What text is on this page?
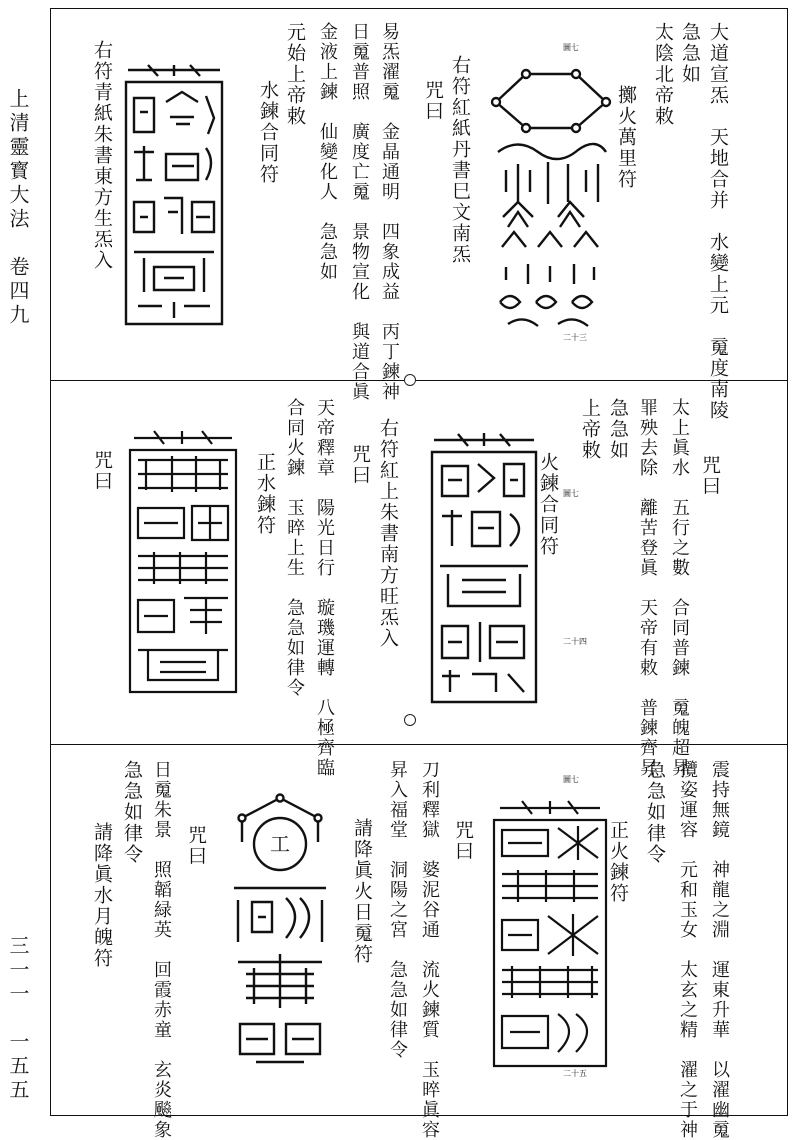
上清靈寳大法　卷四九
三一一　一五五
大道宣炁　天地合并　水變上元　䰟度南陵
急急如
太陰北帝敕
擲火萬里符
右符紅紙丹書巳文南炁
咒曰
易炁濯䰟　金晶通明　四象成益　丙丁鍊神
日䰟普照　廣度亡䰟　景物宣化　與道合眞
金液上鍊　仙變化人　急急如
元始上帝敕
水鍊合同符
右符青紙朱書東方生炁入	圖七
二十三
咒曰
太上眞水　五行之數　合同普鍊　䰟魄超昇
罪殃去除　離苦登眞　天帝有敕　普鍊齊昇
急急如
上帝敕
火鍊合同符
右符紅上朱書南方旺炁入
咒曰
天帝釋章　陽光日行　璇璣運轉　八極齊臨
合同火鍊　玉晬上生　急急如律令
正水鍊符
咒曰
圖七
二十四
震持無鏡　神龍之淵　運東升華　以濯幽䰟
攬姿運容　元和玉女　太玄之精　濯之于神
急急如律令
正火鍊符
咒曰
刀利釋獄　婆泥谷通　流火鍊質　玉晬眞容
昇入福堂　洞陽之宮　急急如律令
請降眞火日䰟符
咒曰
日䰟朱景　照韜緑英　回霞赤童　玄炎飈象
急急如律令
請降眞水月魄符
圖七
二十五
工
